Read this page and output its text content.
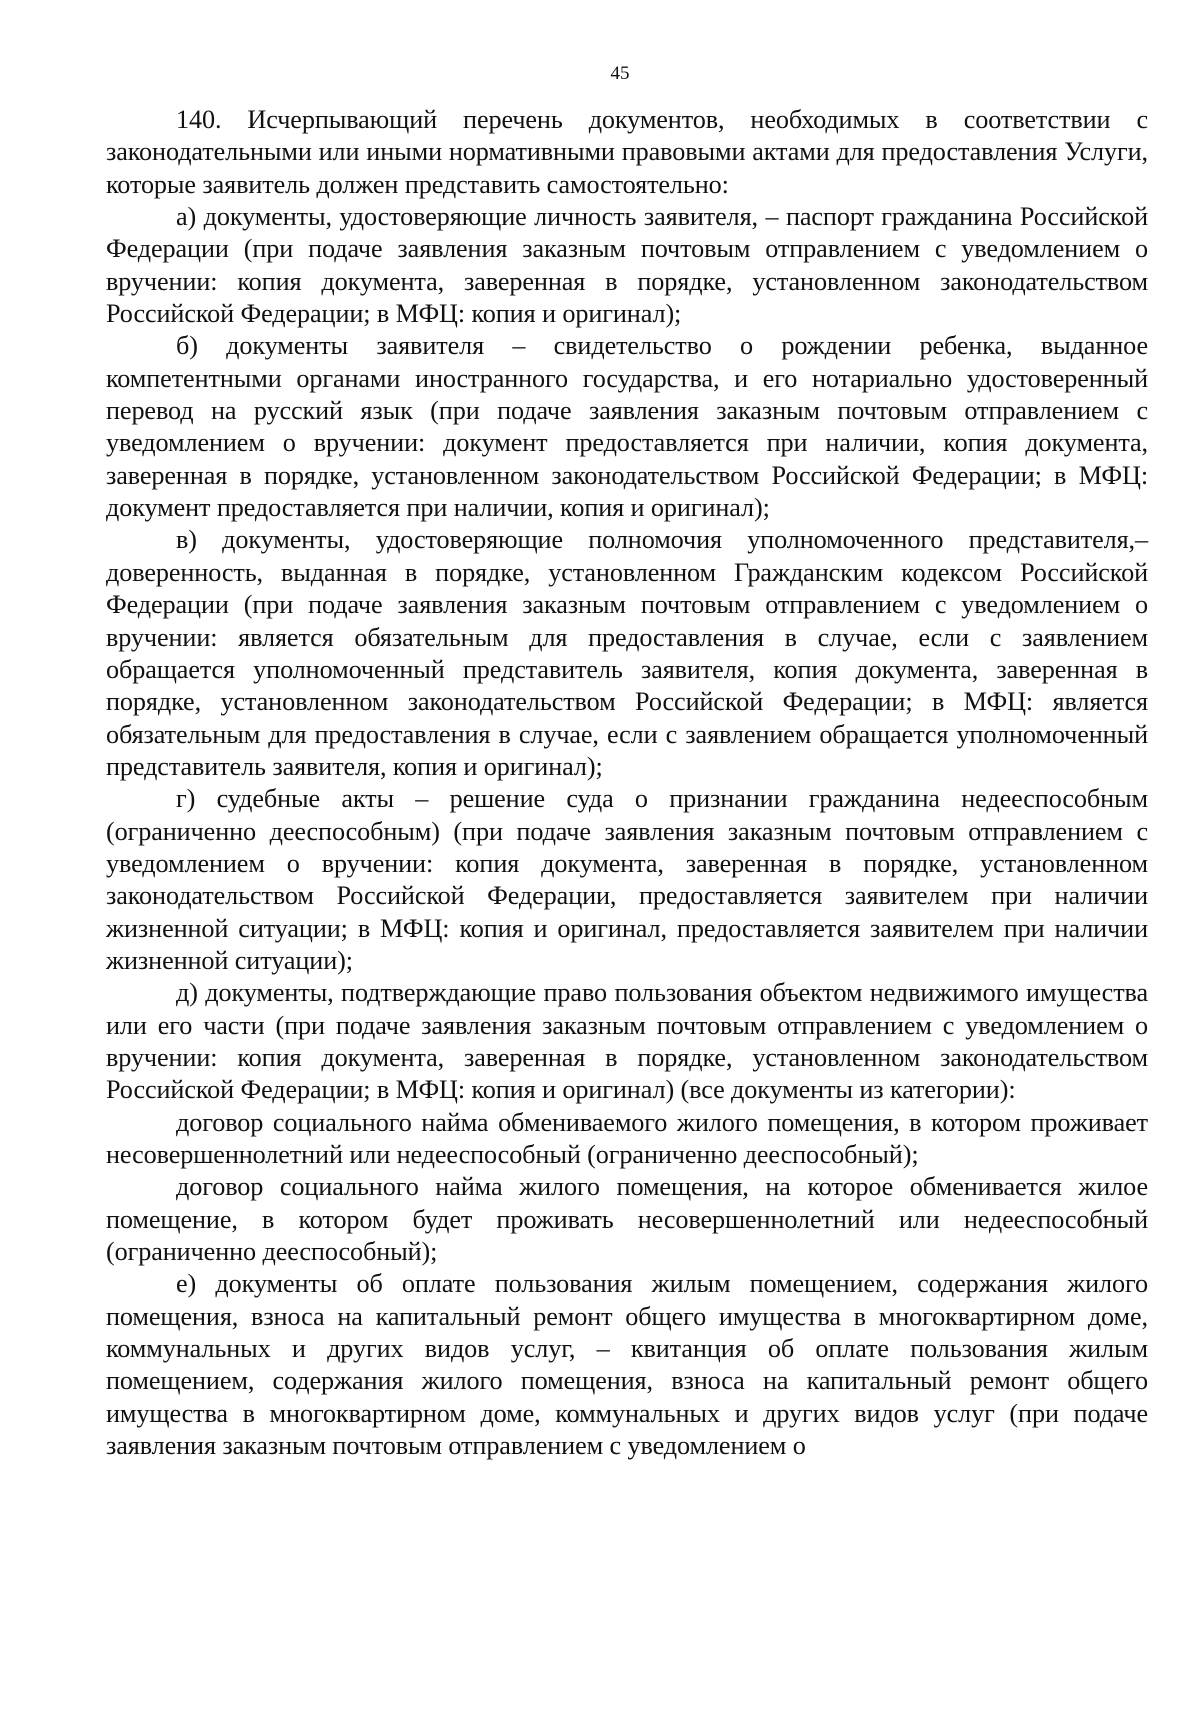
45

140. Исчерпывающий перечень документов, необходимых в соответствии с законодательными или иными нормативными правовыми актами для предоставления Услуги, которые заявитель должен представить самостоятельно:

а) документы, удостоверяющие личность заявителя, – паспорт гражданина Российской Федерации (при подаче заявления заказным почтовым отправлением с уведомлением о вручении: копия документа, заверенная в порядке, установленном законодательством Российской Федерации; в МФЦ: копия и оригинал);

б) документы заявителя – свидетельство о рождении ребенка, выданное компетентными органами иностранного государства, и его нотариально удостоверенный перевод на русский язык (при подаче заявления заказным почтовым отправлением с уведомлением о вручении: документ предоставляется при наличии, копия документа, заверенная в порядке, установленном законодательством Российской Федерации; в МФЦ: документ предоставляется при наличии, копия и оригинал);

в) документы, удостоверяющие полномочия уполномоченного представителя,– доверенность, выданная в порядке, установленном Гражданским кодексом Российской Федерации (при подаче заявления заказным почтовым отправлением с уведомлением о вручении: является обязательным для предоставления в случае, если с заявлением обращается уполномоченный представитель заявителя, копия документа, заверенная в порядке, установленном законодательством Российской Федерации; в МФЦ: является обязательным для предоставления в случае, если с заявлением обращается уполномоченный представитель заявителя, копия и оригинал);

г) судебные акты – решение суда о признании гражданина недееспособным (ограниченно дееспособным) (при подаче заявления заказным почтовым отправлением с уведомлением о вручении: копия документа, заверенная в порядке, установленном законодательством Российской Федерации, предоставляется заявителем при наличии жизненной ситуации; в МФЦ: копия и оригинал, предоставляется заявителем при наличии жизненной ситуации);

д) документы, подтверждающие право пользования объектом недвижимого имущества или его части (при подаче заявления заказным почтовым отправлением с уведомлением о вручении: копия документа, заверенная в порядке, установленном законодательством Российской Федерации; в МФЦ: копия и оригинал) (все документы из категории):

договор социального найма обмениваемого жилого помещения, в котором проживает несовершеннолетний или недееспособный (ограниченно дееспособный);

договор социального найма жилого помещения, на которое обменивается жилое помещение, в котором будет проживать несовершеннолетний или недееспособный (ограниченно дееспособный);

е) документы об оплате пользования жилым помещением, содержания жилого помещения, взноса на капитальный ремонт общего имущества в многоквартирном доме, коммунальных и других видов услуг, – квитанция об оплате пользования жилым помещением, содержания жилого помещения, взноса на капитальный ремонт общего имущества в многоквартирном доме, коммунальных и других видов услуг (при подаче заявления заказным почтовым отправлением с уведомлением о
